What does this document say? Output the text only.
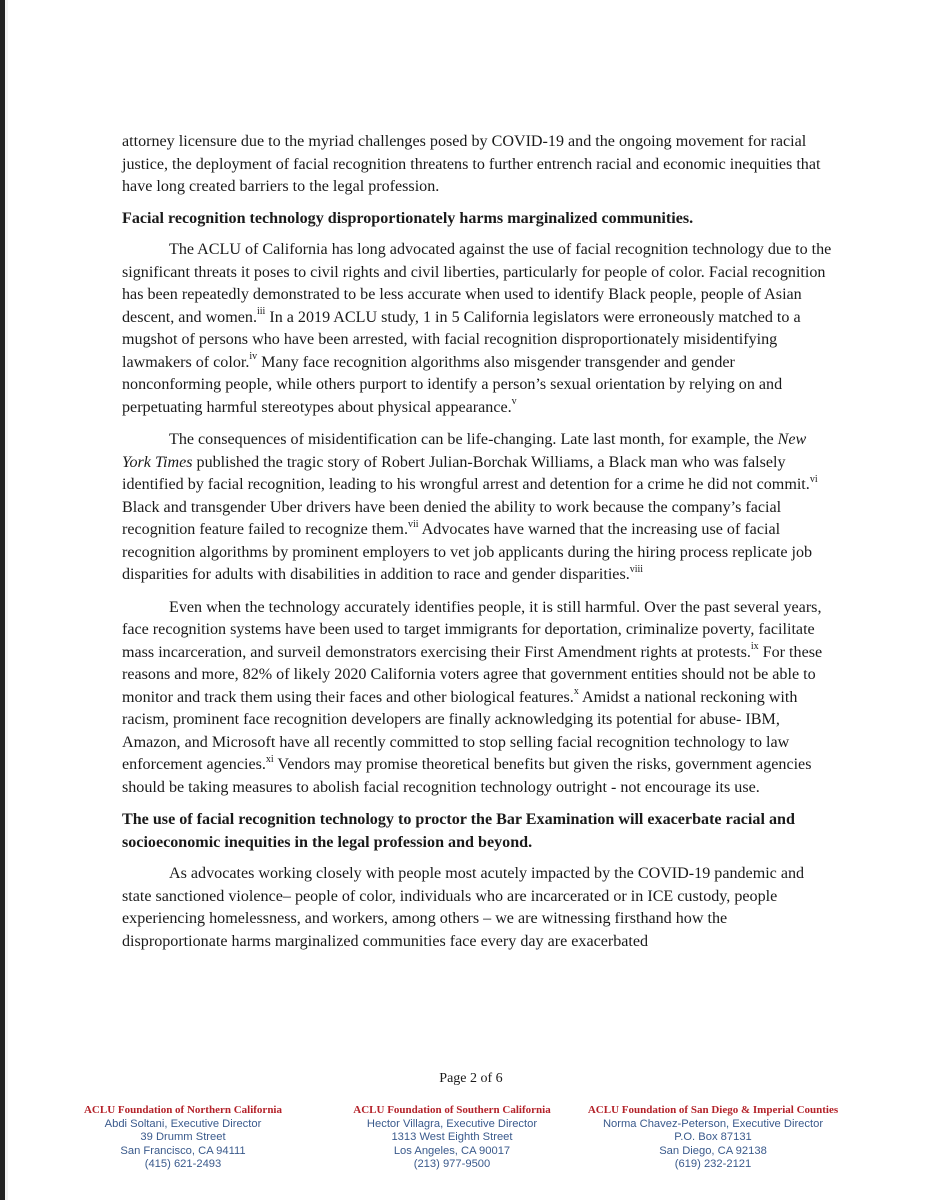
attorney licensure due to the myriad challenges posed by COVID-19 and the ongoing movement for racial justice, the deployment of facial recognition threatens to further entrench racial and economic inequities that have long created barriers to the legal profession.

Facial recognition technology disproportionately harms marginalized communities.

The ACLU of California has long advocated against the use of facial recognition technology due to the significant threats it poses to civil rights and civil liberties, particularly for people of color. Facial recognition has been repeatedly demonstrated to be less accurate when used to identify Black people, people of Asian descent, and women.$^{iii}$ In a 2019 ACLU study, 1 in 5 California legislators were erroneously matched to a mugshot of persons who have been arrested, with facial recognition disproportionately misidentifying lawmakers of color.$^{iv}$ Many face recognition algorithms also misgender transgender and gender nonconforming people, while others purport to identify a person’s sexual orientation by relying on and perpetuating harmful stereotypes about physical appearance.$^v$

The consequences of misidentification can be life-changing. Late last month, for example, the New York Times published the tragic story of Robert Julian-Borchak Williams, a Black man who was falsely identified by facial recognition, leading to his wrongful arrest and detention for a crime he did not commit.$^{vi}$ Black and transgender Uber drivers have been denied the ability to work because the company’s facial recognition feature failed to recognize them.$^{vii}$ Advocates have warned that the increasing use of facial recognition algorithms by prominent employers to vet job applicants during the hiring process replicate job disparities for adults with disabilities in addition to race and gender disparities.$^{viii}$

Even when the technology accurately identifies people, it is still harmful. Over the past several years, face recognition systems have been used to target immigrants for deportation, criminalize poverty, facilitate mass incarceration, and surveil demonstrators exercising their First Amendment rights at protests.$^{ix}$ For these reasons and more, 82% of likely 2020 California voters agree that government entities should not be able to monitor and track them using their faces and other biological features.$^x$ Amidst a national reckoning with racism, prominent face recognition developers are finally acknowledging its potential for abuse- IBM, Amazon, and Microsoft have all recently committed to stop selling facial recognition technology to law enforcement agencies.$^{xi}$ Vendors may promise theoretical benefits but given the risks, government agencies should be taking measures to abolish facial recognition technology outright - not encourage its use.

The use of facial recognition technology to proctor the Bar Examination will exacerbate racial and socioeconomic inequities in the legal profession and beyond.

As advocates working closely with people most acutely impacted by the COVID-19 pandemic and state sanctioned violence– people of color, individuals who are incarcerated or in ICE custody, people experiencing homelessness, and workers, among others – we are witnessing firsthand how the disproportionate harms marginalized communities face every day are exacerbated

Page 2 of 6
ACLU Foundation of Northern California
Abdi Soltani, Executive Director
39 Drumm Street
San Francisco, CA 94111
(415) 621-2493
ACLU Foundation of Southern California
Hector Villagra, Executive Director
1313 West Eighth Street
Los Angeles, CA 90017
(213) 977-9500
ACLU Foundation of San Diego & Imperial Counties
Norma Chavez-Peterson, Executive Director
P.O. Box 87131
San Diego, CA 92138
(619) 232-2121
